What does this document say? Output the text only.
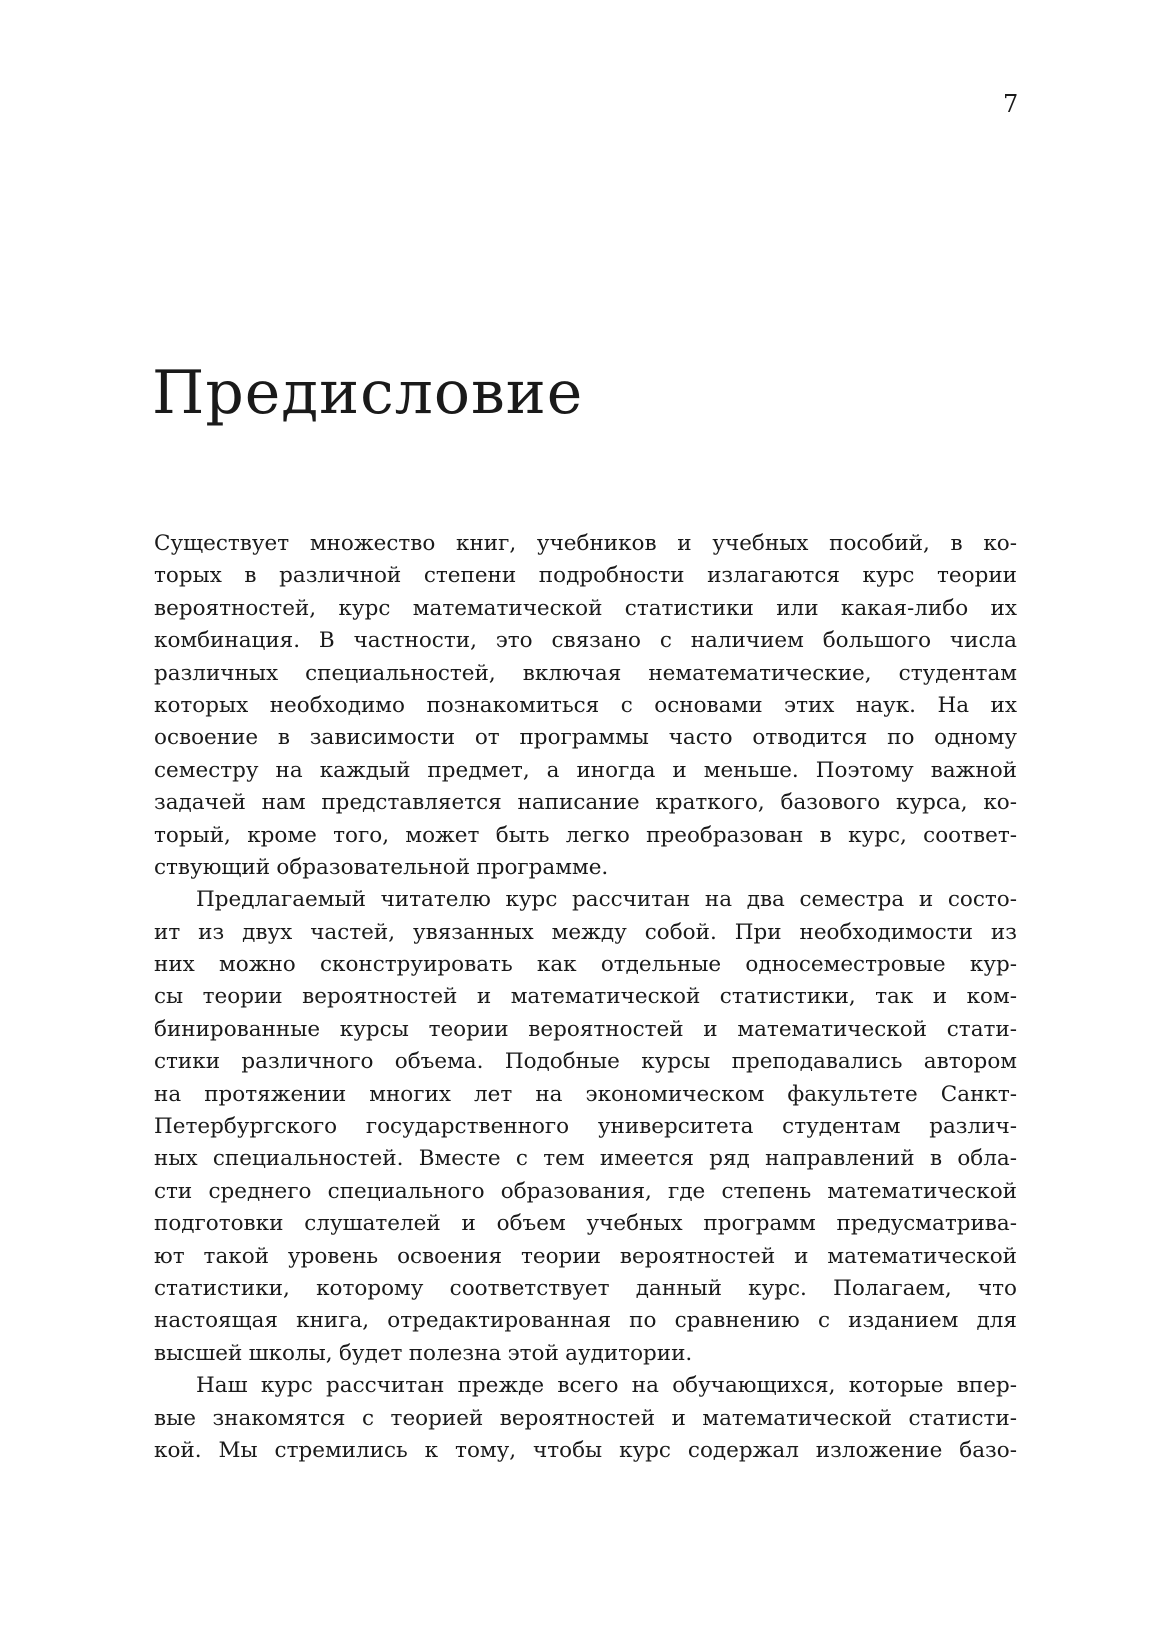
7
Предисловие
Существует множество книг, учебников и учебных пособий, в ко-
торых в различной степени подробности излагаются курс теории
вероятностей, курс математической статистики или какая-либо их
комбинация. В частности, это связано с наличием большого числа
различных специальностей, включая нематематические, студентам
которых необходимо познакомиться с основами этих наук. На их
освоение в зависимости от программы часто отводится по одному
семестру на каждый предмет, а иногда и меньше. Поэтому важной
задачей нам представляется написание краткого, базового курса, ко-
торый, кроме того, может быть легко преобразован в курс, соответ-
ствующий образовательной программе.
Предлагаемый читателю курс рассчитан на два семестра и состо-
ит из двух частей, увязанных между собой. При необходимости из
них можно сконструировать как отдельные односеместровые кур-
сы теории вероятностей и математической статистики, так и ком-
бинированные курсы теории вероятностей и математической стати-
стики различного объема. Подобные курсы преподавались автором
на протяжении многих лет на экономическом факультете Санкт-
Петербургского государственного университета студентам различ-
ных специальностей. Вместе с тем имеется ряд направлений в обла-
сти среднего специального образования, где степень математической
подготовки слушателей и объем учебных программ предусматрива-
ют такой уровень освоения теории вероятностей и математической
статистики, которому соответствует данный курс. Полагаем, что
настоящая книга, отредактированная по сравнению с изданием для
высшей школы, будет полезна этой аудитории.
Наш курс рассчитан прежде всего на обучающихся, которые впер-
вые знакомятся с теорией вероятностей и математической статисти-
кой. Мы стремились к тому, чтобы курс содержал изложение базо-
